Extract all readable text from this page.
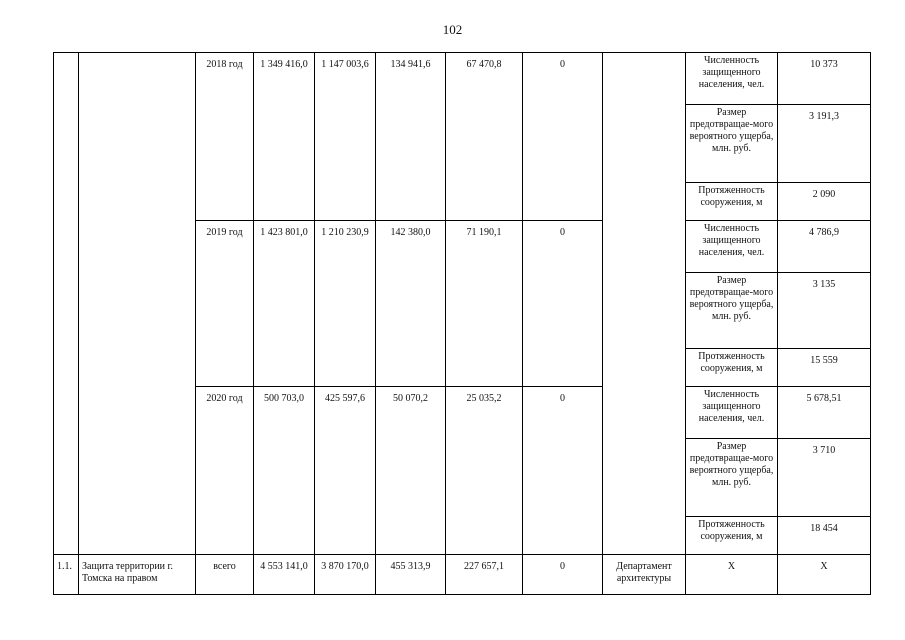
102
		2018 год	1 349 416,0	1 147 003,6	134 941,6	67 470,8	0		Численность защищенного населения, чел.	10 373
									Размер предотвращае-мого вероятного ущерба, млн. руб.	3 191,3
									Протяженность сооружения, м	2 090
		2019 год	1 423 801,0	1 210 230,9	142 380,0	71 190,1	0		Численность защищенного населения, чел.	4 786,9
									Размер предотвращае-мого вероятного ущерба, млн. руб.	3 135
									Протяженность сооружения, м	15 559
		2020 год	500 703,0	425 597,6	50 070,2	25 035,2	0		Численность защищенного населения, чел.	5 678,51
									Размер предотвращае-мого вероятного ущерба, млн. руб.	3 710
									Протяженность сооружения, м	18 454
1.1.	Защита территории г. Томска на правом	всего	4 553 141,0	3 870 170,0	455 313,9	227 657,1	0	Департамент архитектуры	Х	Х
